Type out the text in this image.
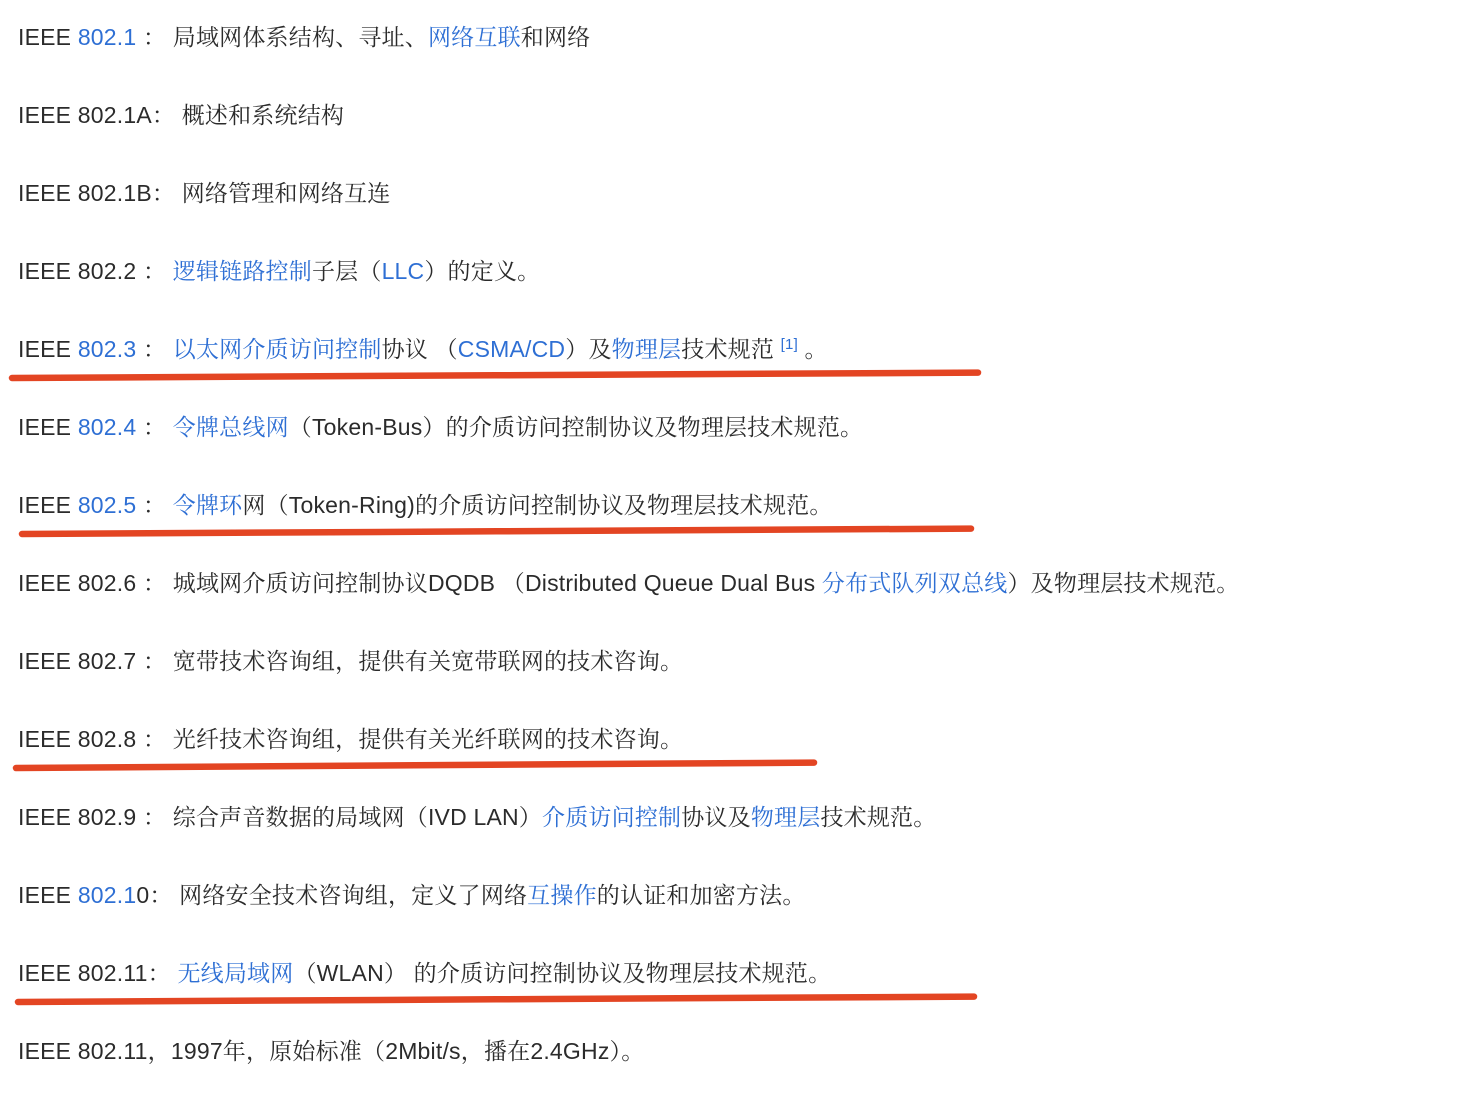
IEEE 802.1 ： 局域网体系结构、寻址、网络互联和网络
IEEE 802.1A： 概述和系统结构
IEEE 802.1B： 网络管理和网络互连
IEEE 802.2 ： 逻辑链路控制子层（LLC）的定义。
IEEE 802.3 ： 以太网介质访问控制协议 （CSMA/CD）及物理层技术规范 [1] 。
IEEE 802.4 ： 令牌总线网（Token-Bus）的介质访问控制协议及物理层技术规范。
IEEE 802.5 ： 令牌环网（Token-Ring)的介质访问控制协议及物理层技术规范。
IEEE 802.6 ： 城域网介质访问控制协议DQDB （Distributed Queue Dual Bus 分布式队列双总线）及物理层技术规范。
IEEE 802.7 ： 宽带技术咨询组，提供有关宽带联网的技术咨询。
IEEE 802.8 ： 光纤技术咨询组，提供有关光纤联网的技术咨询。
IEEE 802.9 ： 综合声音数据的局域网（IVD LAN）介质访问控制协议及物理层技术规范。
IEEE 802.10： 网络安全技术咨询组，定义了网络互操作的认证和加密方法。
IEEE 802.11： 无线局域网（WLAN） 的介质访问控制协议及物理层技术规范。
IEEE 802.11，1997年，原始标准（2Mbit/s，播在2.4GHz）。
